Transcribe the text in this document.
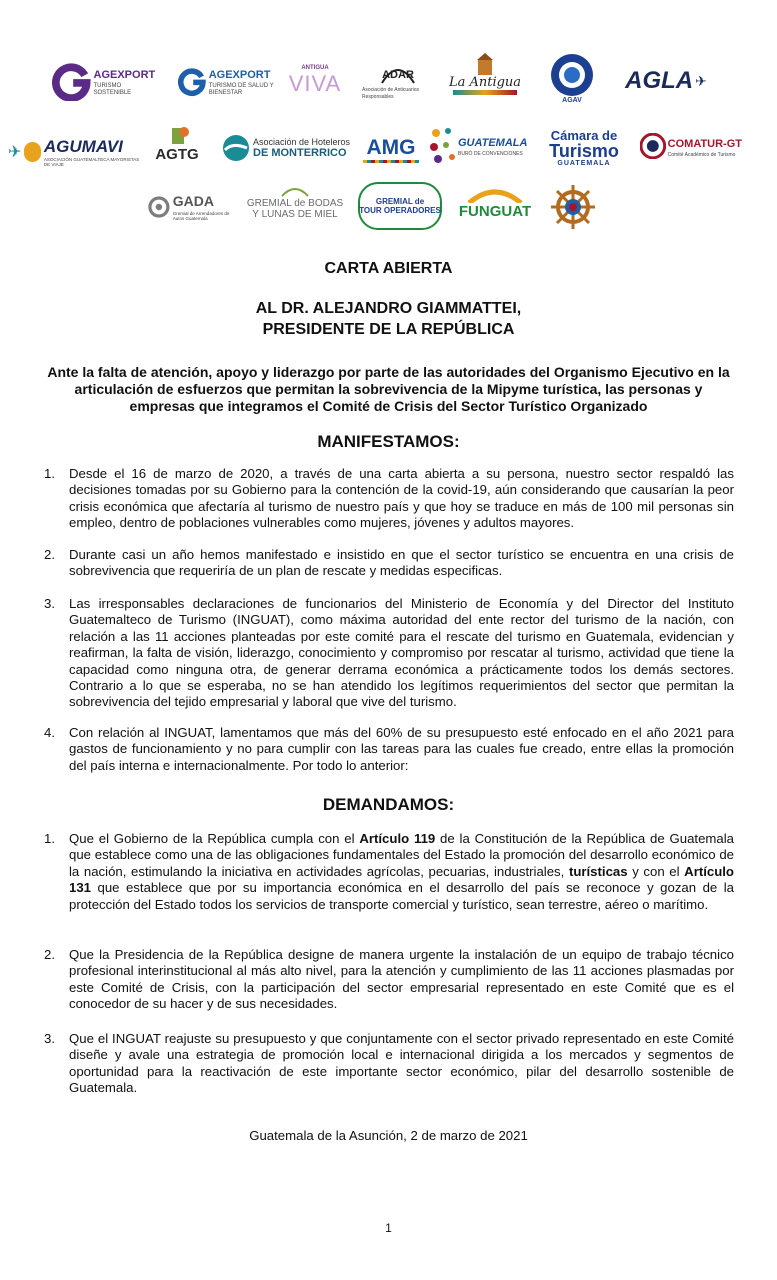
AGEXPORT
TURISMO SOSTENIBLE
AGEXPORT
TURISMO DE SALUD Y BIENESTAR
ANTIGUA
VIVA	ADAR
Asociación de Anticuarios Responsables
La Antigua
AGAV
AGLA ✈
✈ AGUMAVI
ASOCIACIÓN GUATEMALTECA MAYORISTAS DE VIAJE
AGTG
Asociación de Hoteleros
DE MONTERRICO AMG	GUATEMALA
BURÓ DE CONVENCIONES
Cámara de
Turismo
GUATEMALA
COMATUR-GT
Comité Académico de Turismo
GADA
Gremial de Arrendadores de Autos Guatemala
GREMIAL de BODAS
Y LUNAS DE MIEL
GREMIAL de
TOUR OPERADORES FUNGUAT
CARTA ABIERTA
AL DR. ALEJANDRO GIAMMATTEI,
PRESIDENTE DE LA REPÚBLICA
Ante la falta de atención, apoyo y liderazgo por parte de las autoridades del Organismo Ejecutivo en la articulación de esfuerzos que permitan la sobrevivencia de la Mipyme turística, las personas y empresas que integramos el Comité de Crisis del Sector Turístico Organizado
MANIFESTAMOS:
1. Desde el 16 de marzo de 2020, a través de una carta abierta a su persona, nuestro sector respaldó las decisiones tomadas por su Gobierno para la contención de la covid-19, aún considerando que causarían la peor crisis económica que afectaría al turismo de nuestro país y que hoy se traduce en más de 100 mil personas sin empleo, dentro de poblaciones vulnerables como mujeres, jóvenes y adultos mayores.
2. Durante casi un año hemos manifestado e insistido en que el sector turístico se encuentra en una crisis de sobrevivencia que requeriría de un plan de rescate y medidas especificas.
3. Las irresponsables declaraciones de funcionarios del Ministerio de Economía y del Director del Instituto Guatemalteco de Turismo (INGUAT), como máxima autoridad del ente rector del turismo de la nación, con relación a las 11 acciones planteadas por este comité para el rescate del turismo en Guatemala, evidencian y reafirman, la falta de visión, liderazgo, conocimiento y compromiso por rescatar al turismo, actividad que tiene la capacidad como ninguna otra, de generar derrama económica a prácticamente todos los demás sectores. Contrario a lo que se esperaba, no se han atendido los legítimos requerimientos del sector que permitan la sobrevivencia del tejido empresarial y laboral que vive del turismo.
4. Con relación al INGUAT, lamentamos que más del 60% de su presupuesto esté enfocado en el año 2021 para gastos de funcionamiento y no para cumplir con las tareas para las cuales fue creado, entre ellas la promoción del país interna e internacionalmente. Por todo lo anterior:
DEMANDAMOS:
1. Que el Gobierno de la República cumpla con el Artículo 119 de la Constitución de la República de Guatemala que establece como una de las obligaciones fundamentales del Estado la promoción del desarrollo económico de la nación, estimulando la iniciativa en actividades agrícolas, pecuarias, industriales, turísticas y con el Artículo 131 que establece que por su importancia económica en el desarrollo del país se reconoce y gozan de la protección del Estado todos los servicios de transporte comercial y turístico, sean terrestre, aéreo o marítimo.
2. Que la Presidencia de la República designe de manera urgente la instalación de un equipo de trabajo técnico profesional interinstitucional al más alto nivel, para la atención y cumplimiento de las 11 acciones plasmadas por este Comité de Crisis, con la participación del sector empresarial representado en este Comité que es el conocedor de su hacer y de sus necesidades.
3. Que el INGUAT reajuste su presupuesto y que conjuntamente con el sector privado representado en este Comité diseñe y avale una estrategia de promoción local e internacional dirigida a los mercados y segmentos de oportunidad para la reactivación de este importante sector económico, pilar del desarrollo sostenible de Guatemala.
Guatemala de la Asunción, 2 de marzo de 2021
1
